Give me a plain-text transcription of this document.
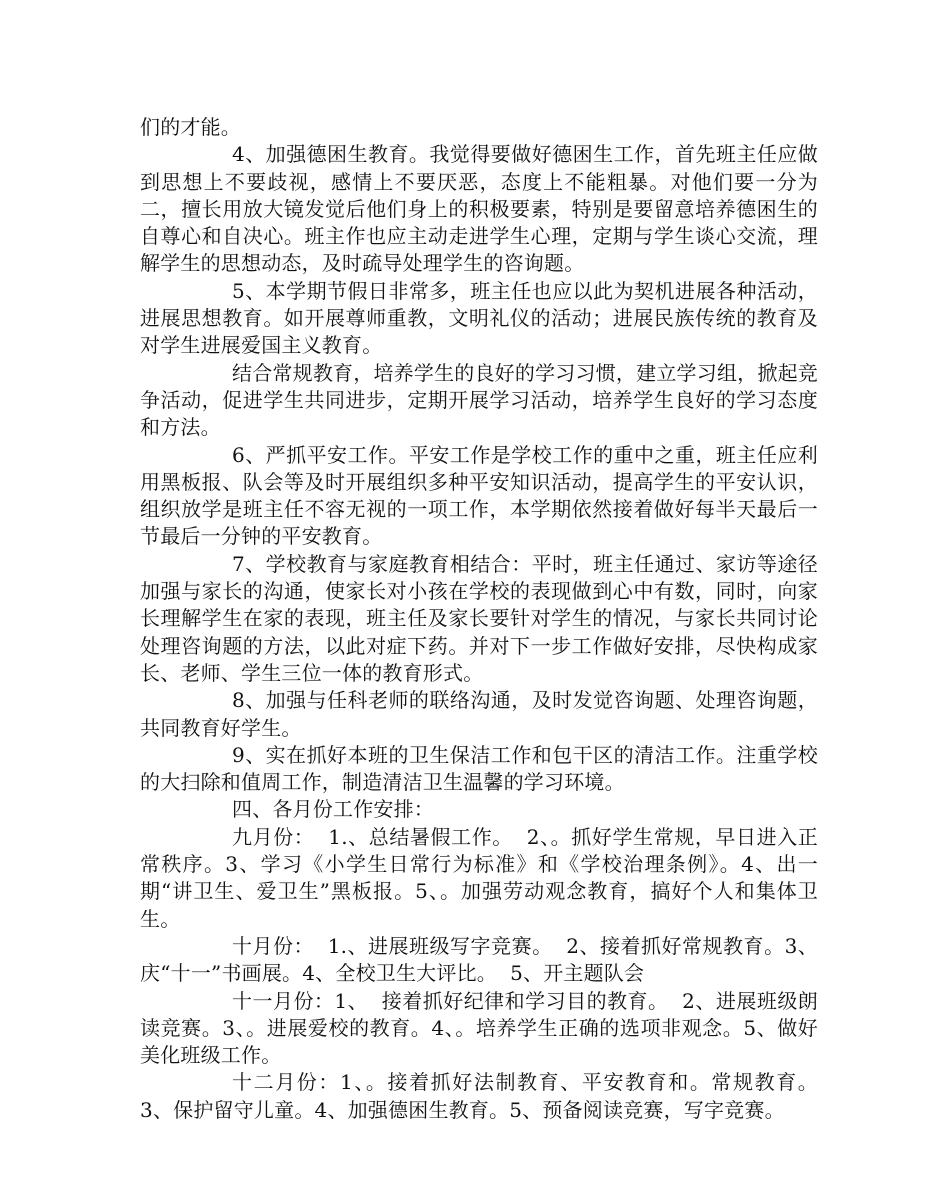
们的才能。

4、加强德困生教育。我觉得要做好德困生工作，首先班主任应做到思想上不要歧视，感情上不要厌恶，态度上不能粗暴。对他们要一分为二，擅长用放大镜发觉后他们身上的积极要素，特别是要留意培养德困生的自尊心和自决心。班主作也应主动走进学生心理，定期与学生谈心交流，理解学生的思想动态，及时疏导处理学生的咨询题。

5、本学期节假日非常多，班主任也应以此为契机进展各种活动，进展思想教育。如开展尊师重教，文明礼仪的活动；进展民族传统的教育及对学生进展爱国主义教育。

结合常规教育，培养学生的良好的学习习惯，建立学习组，掀起竞争活动，促进学生共同进步，定期开展学习活动，培养学生良好的学习态度和方法。

6、严抓平安工作。平安工作是学校工作的重中之重，班主任应利用黑板报、队会等及时开展组织多种平安知识活动，提高学生的平安认识，组织放学是班主任不容无视的一项工作，本学期依然接着做好每半天最后一节最后一分钟的平安教育。

7、学校教育与家庭教育相结合：平时，班主任通过、家访等途径加强与家长的沟通，使家长对小孩在学校的表现做到心中有数，同时，向家长理解学生在家的表现，班主任及家长要针对学生的情况，与家长共同讨论处理咨询题的方法，以此对症下药。并对下一步工作做好安排，尽快构成家长、老师、学生三位一体的教育形式。

8、加强与任科老师的联络沟通，及时发觉咨询题、处理咨询题，共同教育好学生。

9、实在抓好本班的卫生保洁工作和包干区的清洁工作。注重学校的大扫除和值周工作，制造清洁卫生温馨的学习环境。

四、各月份工作安排：

九月份：  1.、总结暑假工作。  2、。抓好学生常规，早日进入正常秩序。3、学习《小学生日常行为标准》和《学校治理条例》。4、出一期“讲卫生、爱卫生”黑板报。5、。加强劳动观念教育，搞好个人和集体卫生。

十月份：  1.、进展班级写字竞赛。  2、接着抓好常规教育。3、  庆“十一”书画展。4、全校卫生大评比。  5、开主题队会

十一月份：1、  接着抓好纪律和学习目的教育。  2、进展班级朗读竞赛。3、。进展爱校的教育。4、。培养学生正确的选项非观念。5、做好美化班级工作。

十二月份：1、。接着抓好法制教育、平安教育和。常规教育。 3、保护留守儿童。4、加强德困生教育。5、预备阅读竞赛，写字竞赛。
